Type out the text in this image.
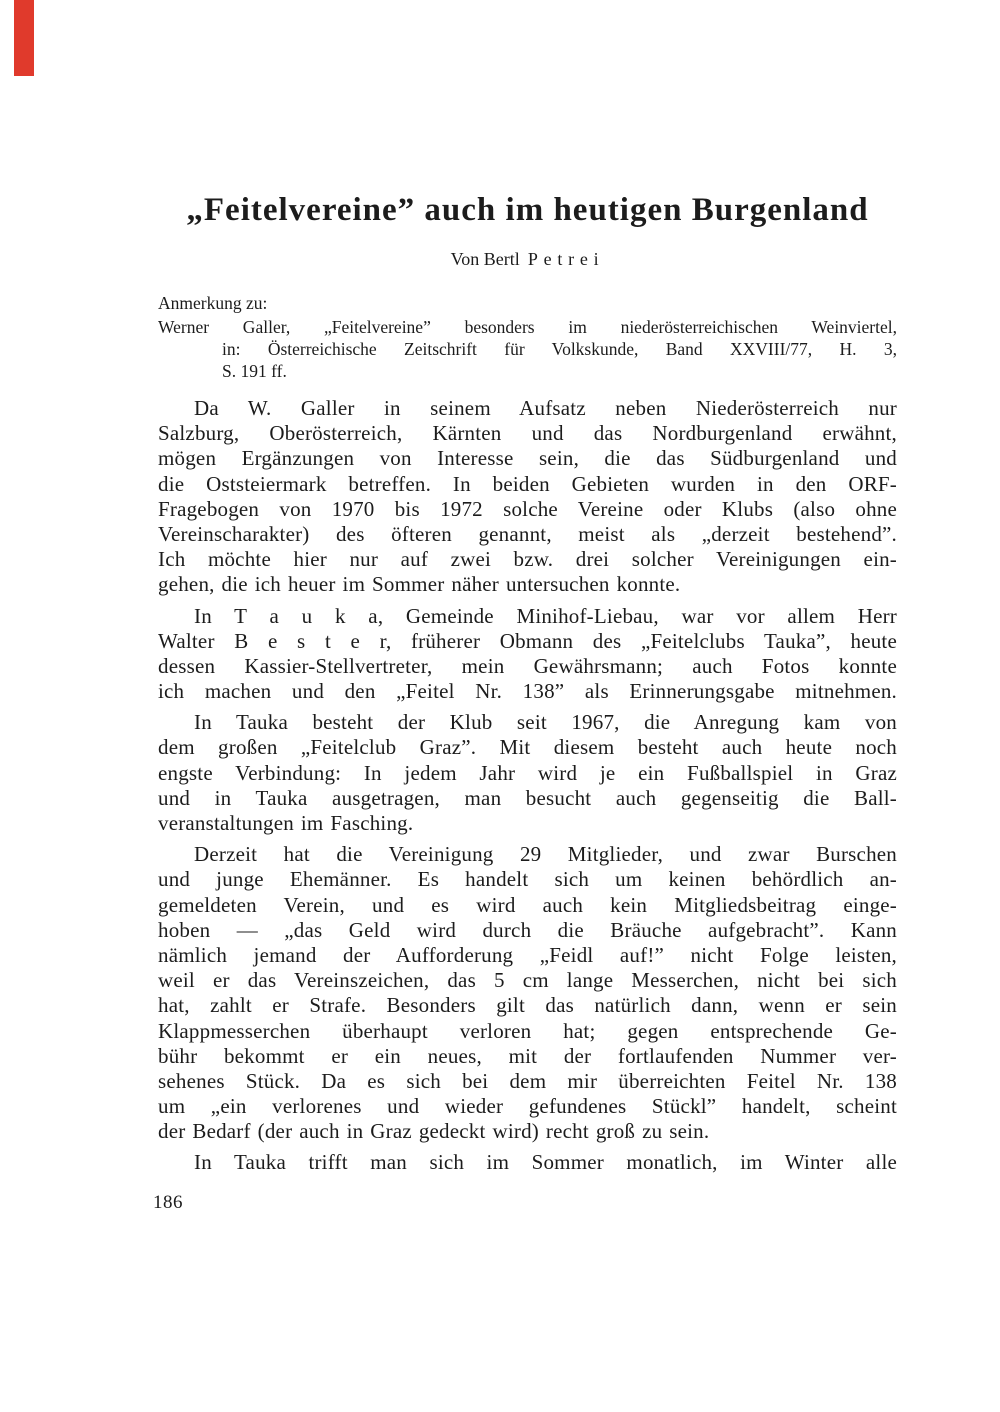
„Feitelvereine” auch im heutigen Burgenland
Von Bertl Petrei
Anmerkung zu:
Werner Galler, „Feitelvereine” besonders im niederösterreichischen Weinviertel,
in: Österreichische Zeitschrift für Volkskunde, Band XXVIII/77, H. 3,
S. 191 ff.
Da W. Galler in seinem Aufsatz neben Niederösterreich nur
Salzburg, Oberösterreich, Kärnten und das Nordburgenland erwähnt,
mögen Ergänzungen von Interesse sein, die das Südburgenland und
die Oststeiermark betreffen. In beiden Gebieten wurden in den ORF-
Fragebogen von 1970 bis 1972 solche Vereine oder Klubs (also ohne
Vereinscharakter) des öfteren genannt, meist als „derzeit bestehend”.
Ich möchte hier nur auf zwei bzw. drei solcher Vereinigungen ein-
gehen, die ich heuer im Sommer näher untersuchen konnte.
In T a u k a, Gemeinde Minihof-Liebau, war vor allem Herr
Walter B e s t e r, früherer Obmann des „Feitelclubs Tauka”, heute
dessen Kassier-Stellvertreter, mein Gewährsmann; auch Fotos konnte
ich machen und den „Feitel Nr. 138” als Erinnerungsgabe mitnehmen.
In Tauka besteht der Klub seit 1967, die Anregung kam von
dem großen „Feitelclub Graz”. Mit diesem besteht auch heute noch
engste Verbindung: In jedem Jahr wird je ein Fußballspiel in Graz
und in Tauka ausgetragen, man besucht auch gegenseitig die Ball-
veranstaltungen im Fasching.
Derzeit hat die Vereinigung 29 Mitglieder, und zwar Burschen
und junge Ehemänner. Es handelt sich um keinen behördlich an-
gemeldeten Verein, und es wird auch kein Mitgliedsbeitrag einge-
hoben — „das Geld wird durch die Bräuche aufgebracht”. Kann
nämlich jemand der Aufforderung „Feidl auf!” nicht Folge leisten,
weil er das Vereinszeichen, das 5 cm lange Messerchen, nicht bei sich
hat, zahlt er Strafe. Besonders gilt das natürlich dann, wenn er sein
Klappmesserchen überhaupt verloren hat; gegen entsprechende Ge-
bühr bekommt er ein neues, mit der fortlaufenden Nummer ver-
sehenes Stück. Da es sich bei dem mir überreichten Feitel Nr. 138
um „ein verlorenes und wieder gefundenes Stückl” handelt, scheint
der Bedarf (der auch in Graz gedeckt wird) recht groß zu sein.
In Tauka trifft man sich im Sommer monatlich, im Winter alle
186
